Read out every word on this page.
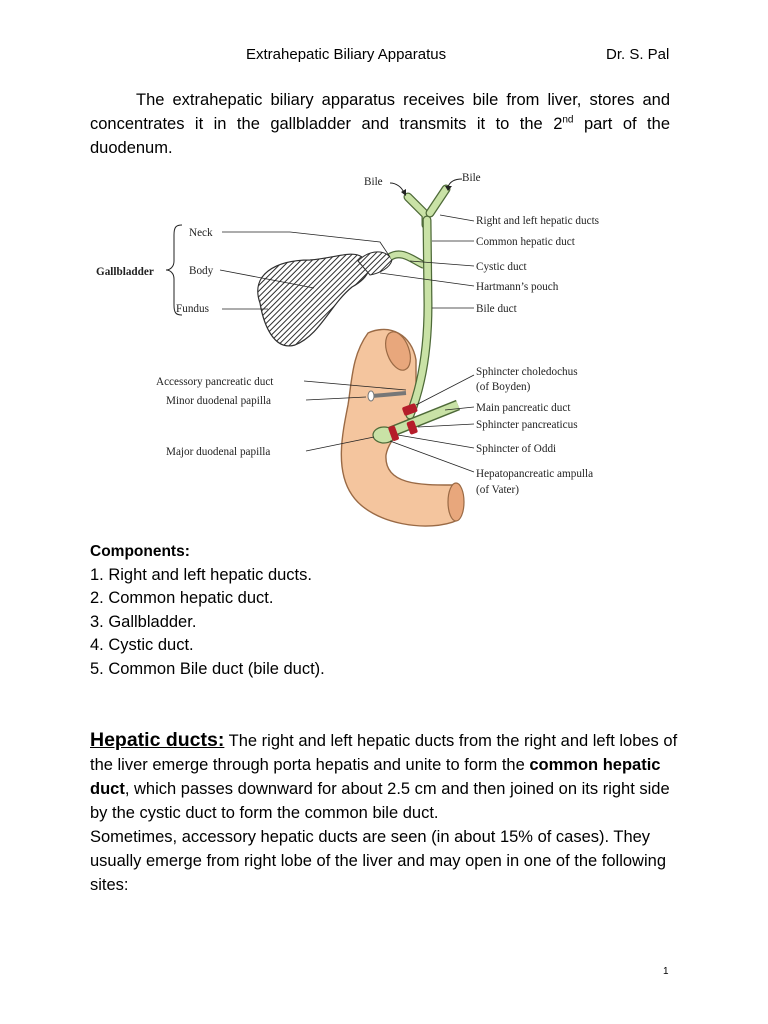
Extrahepatic Biliary Apparatus	Dr. S. Pal

The extrahepatic biliary apparatus receives bile from liver, stores and concentrates it in the gallbladder and transmits it to the 2nd part of the duodenum.

Bile	Bile
Gallbladder
Neck
Body
Fundus
Right and left hepatic ducts
Common hepatic duct
Cystic duct
Hartmann’s pouch
Bile duct
Accessory pancreatic duct
Minor duodenal papilla
Major duodenal papilla
Sphincter choledochus
(of Boyden)
Main pancreatic duct
Sphincter pancreaticus
Sphincter of Oddi
Hepatopancreatic ampulla
(of Vater)
Components:
1. Right and left hepatic ducts.
2. Common hepatic duct.
3. Gallbladder.
4. Cystic duct.
5. Common Bile duct (bile duct).
Hepatic ducts: The right and left hepatic ducts from the right and left lobes of the liver emerge through porta hepatis and unite to form the common hepatic duct, which passes downward for about 2.5 cm and then joined on its right side by the cystic duct to form the common bile duct.
Sometimes, accessory hepatic ducts are seen (in about 15% of cases). They usually emerge from right lobe of the liver and may open in one of the following sites:
1
